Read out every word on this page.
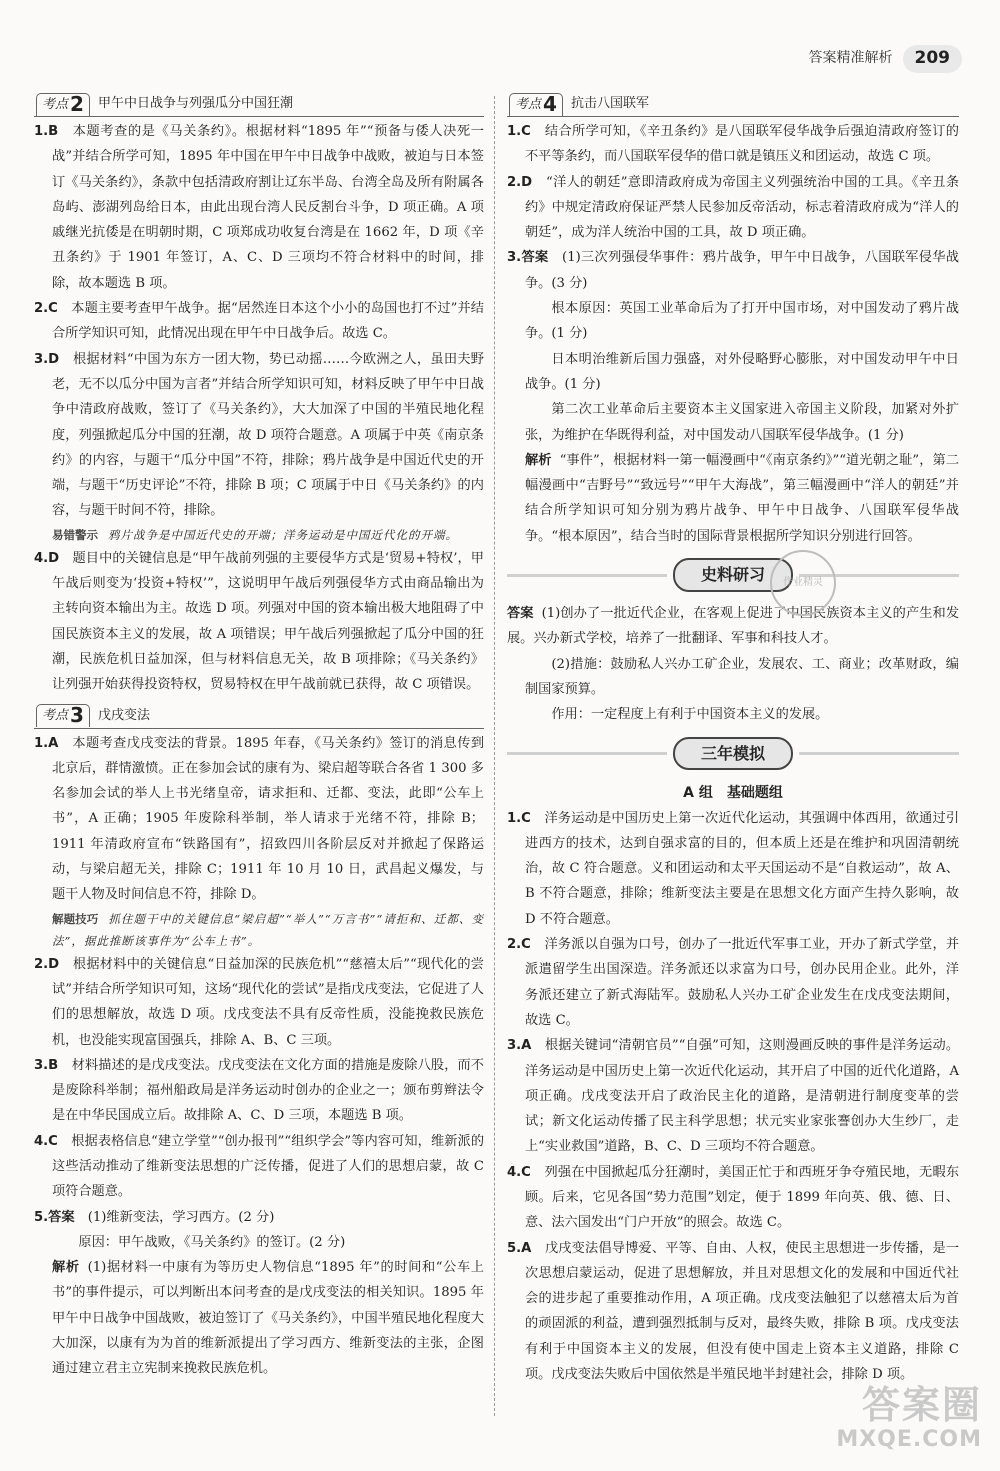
答案精准解析	209
考点 2 甲午中日战争与列强瓜分中国狂潮

1.B　 本题考查的是《马关条约》。根据材料“1895 年”“预备与倭人决死一战”并结合所学可知，1895 年中国在甲午中日战争中战败，被迫与日本签订《马关条约》，条款中包括清政府割让辽东半岛、台湾全岛及所有附属各岛屿、澎湖列岛给日本，由此出现台湾人民反割台斗争，D 项正确。A 项戚继光抗倭是在明朝时期，C 项郑成功收复台湾是在 1662 年，D 项《辛丑条约》于 1901 年签订，A、C、D 三项均不符合材料中的时间，排除，故本题选 B 项。

2.C　 本题主要考查甲午战争。据“居然连日本这个小小的岛国也打不过”并结合所学知识可知，此情况出现在甲午中日战争后。故选 C。

3.D　 根据材料“中国为东方一团大物，势已动摇……今欧洲之人，虽田夫野老，无不以瓜分中国为言者”并结合所学知识可知，材料反映了甲午中日战争中清政府战败，签订了《马关条约》，大大加深了中国的半殖民地化程度，列强掀起瓜分中国的狂潮，故 D 项符合题意。A 项属于中英《南京条约》的内容，与题干“瓜分中国”不符，排除；鸦片战争是中国近代史的开端，与题干“历史评论”不符，排除 B 项；C 项属于中日《马关条约》的内容，与题干时间不符，排除。

易错警示 鸦片战争是中国近代史的开端；洋务运动是中国近代化的开端。

4.D　 题目中的关键信息是“甲午战前列强的主要侵华方式是‘贸易+特权’，甲午战后则变为‘投资+特权’”，这说明甲午战后列强侵华方式由商品输出为主转向资本输出为主。故选 D 项。列强对中国的资本输出极大地阻碍了中国民族资本主义的发展，故 A 项错误；甲午战后列强掀起了瓜分中国的狂潮，民族危机日益加深，但与材料信息无关，故 B 项排除；《马关条约》让列强开始获得投资特权，贸易特权在甲午战前就已获得，故 C 项错误。

考点 3 戊戌变法

1.A　 本题考查戊戌变法的背景。1895 年春，《马关条约》签订的消息传到北京后，群情激愤。正在参加会试的康有为、梁启超等联合各省 1 300 多名参加会试的举人上书光绪皇帝，请求拒和、迁都、变法，此即“公车上书”，A 正确；1905 年废除科举制，举人请求于光绪不符，排除 B；1911 年清政府宣布“铁路国有”，招致四川各阶层反对并掀起了保路运动，与梁启超无关，排除 C；1911 年 10 月 10 日，武昌起义爆发，与题干人物及时间信息不符，排除 D。

解题技巧 抓住题干中的关键信息“梁启超”“举人”“万言书”“请拒和、迁都、变法”，据此推断该事件为“公车上书”。

2.D　 根据材料中的关键信息“日益加深的民族危机”“慈禧太后”“现代化的尝试”并结合所学知识可知，这场“现代化的尝试”是指戊戌变法，它促进了人们的思想解放，故选 D 项。戊戌变法不具有反帝性质，没能挽救民族危机，也没能实现富国强兵，排除 A、B、C 三项。

3.B　 材料描述的是戊戌变法。戊戌变法在文化方面的措施是废除八股，而不是废除科举制；福州船政局是洋务运动时创办的企业之一；颁布剪辫法令是在中华民国成立后。故排除 A、C、D 三项，本题选 B 项。

4.C　 根据表格信息“建立学堂”“创办报刊”“组织学会”等内容可知，维新派的这些活动推动了维新变法思想的广泛传播，促进了人们的思想启蒙，故 C 项符合题意。

5.答案　 (1)维新变法，学习西方。(2 分)

原因：甲午战败，《马关条约》的签订。(2 分)

解析 (1)据材料一中康有为等历史人物信息“1895 年”的时间和“公车上书”的事件提示，可以判断出本问考查的是戊戌变法的相关知识。1895 年甲午中日战争中国战败，被迫签订了《马关条约》，中国半殖民地化程度大大加深，以康有为为首的维新派提出了学习西方、维新变法的主张，企图通过建立君主立宪制来挽救民族危机。

考点 4 抗击八国联军

1.C　 结合所学可知，《辛丑条约》是八国联军侵华战争后强迫清政府签订的不平等条约，而八国联军侵华的借口就是镇压义和团运动，故选 C 项。

2.D　 “洋人的朝廷”意即清政府成为帝国主义列强统治中国的工具。《辛丑条约》中规定清政府保证严禁人民参加反帝活动，标志着清政府成为“洋人的朝廷”，成为洋人统治中国的工具，故 D 项正确。

3.答案　 (1)三次列强侵华事件：鸦片战争，甲午中日战争，八国联军侵华战争。(3 分)

根本原因：英国工业革命后为了打开中国市场，对中国发动了鸦片战争。(1 分)

日本明治维新后国力强盛，对外侵略野心膨胀，对中国发动甲午中日战争。(1 分)

第二次工业革命后主要资本主义国家进入帝国主义阶段，加紧对外扩张，为维护在华既得利益，对中国发动八国联军侵华战争。(1 分)

解析 “事件”，根据材料一第一幅漫画中“《南京条约》”“道光朝之耻”，第二幅漫画中“吉野号”“致远号”“甲午大海战”，第三幅漫画中“洋人的朝廷”并结合所学知识可知分别为鸦片战争、甲午中日战争、八国联军侵华战争。“根本原因”，结合当时的国际背景根据所学知识分别进行回答。

史料研习

答案 (1)创办了一批近代企业，在客观上促进了中国民族资本主义的产生和发展。兴办新式学校，培养了一批翻译、军事和科技人才。

(2)措施：鼓励私人兴办工矿企业，发展农、工、商业；改革财政，编制国家预算。

作用：一定程度上有利于中国资本主义的发展。

三年模拟
A 组　基础题组

1.C　 洋务运动是中国历史上第一次近代化运动，其强调中体西用，欲通过引进西方的技术，达到自强求富的目的，但本质上还是在维护和巩固清朝统治，故 C 符合题意。义和团运动和太平天国运动不是“自救运动”，故 A、B 不符合题意，排除；维新变法主要是在思想文化方面产生持久影响，故 D 不符合题意。

2.C　 洋务派以自强为口号，创办了一批近代军事工业，开办了新式学堂，并派遣留学生出国深造。洋务派还以求富为口号，创办民用企业。此外，洋务派还建立了新式海陆军。鼓励私人兴办工矿企业发生在戊戌变法期间，故选 C。

3.A　 根据关键词“清朝官员”“自强”可知，这则漫画反映的事件是洋务运动。洋务运动是中国历史上第一次近代化运动，其开启了中国的近代化道路，A 项正确。戊戌变法开启了政治民主化的道路，是清朝进行制度变革的尝试；新文化运动传播了民主科学思想；状元实业家张謇创办大生纱厂，走上“实业救国”道路，B、C、D 三项均不符合题意。

4.C　 列强在中国掀起瓜分狂潮时，美国正忙于和西班牙争夺殖民地，无暇东顾。后来，它见各国“势力范围”划定，便于 1899 年向英、俄、德、日、意、法六国发出“门户开放”的照会。故选 C。

5.A　 戊戌变法倡导博爱、平等、自由、人权，使民主思想进一步传播，是一次思想启蒙运动，促进了思想解放，并且对思想文化的发展和中国近代社会的进步起了重要推动作用，A 项正确。戊戌变法触犯了以慈禧太后为首的顽固派的利益，遭到强烈抵制与反对，最终失败，排除 B 项。戊戌变法有利于中国资本主义的发展，但没有使中国走上资本主义道路，排除 C 项。戊戌变法失败后中国依然是半殖民地半封建社会，排除 D 项。

作业精灵
答案圈
MXQE.COM
